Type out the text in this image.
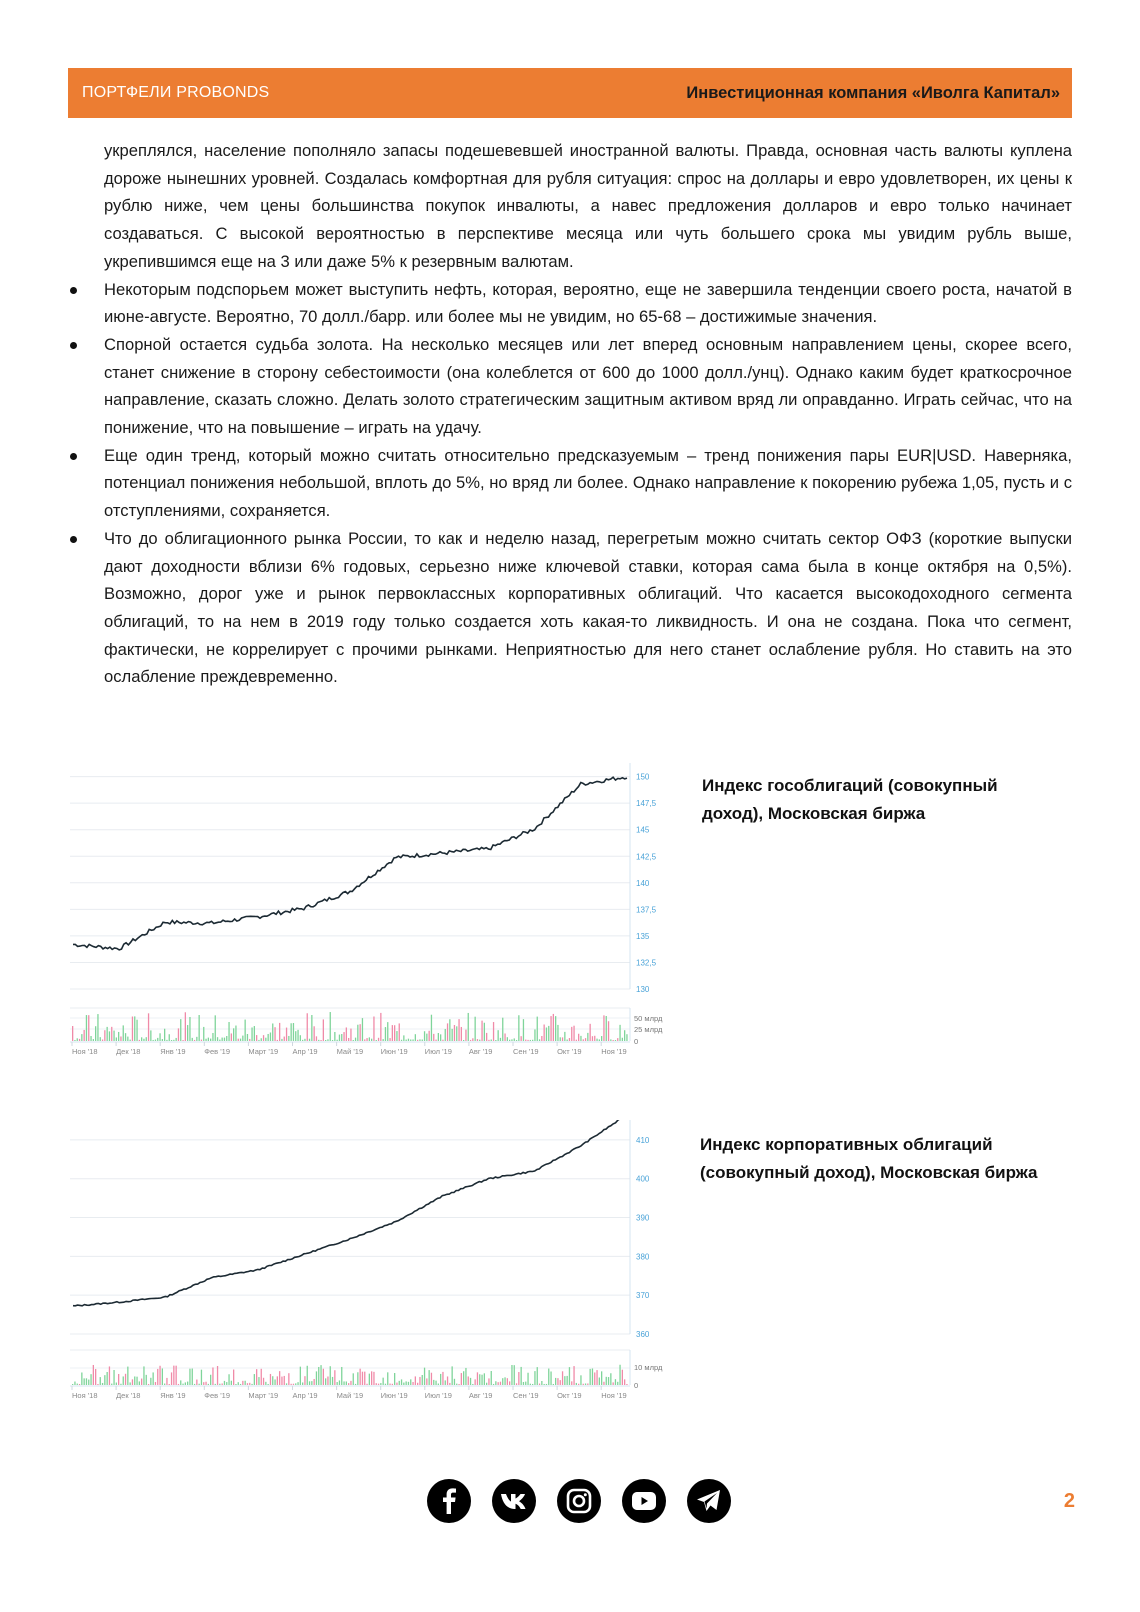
ПОРТФЕЛИ PROBONDS	Инвестиционная компания «Иволга Капитал»

укреплялся, население пополняло запасы подешевевшей иностранной валюты. Правда, основная часть валюты куплена дороже нынешних уровней. Создалась комфортная для рубля ситуация: спрос на доллары и евро удовлетворен, их цены к рублю ниже, чем цены большинства покупок инвалюты, а навес предложения долларов и евро только начинает создаваться. С высокой вероятностью в перспективе месяца или чуть большего срока мы увидим рубль выше, укрепившимся еще на 3 или даже 5% к резервным валютам.

Некоторым подспорьем может выступить нефть, которая, вероятно, еще не завершила тенденции своего роста, начатой в июне-августе. Вероятно, 70 долл./барр. или более мы не увидим, но 65-68 – достижимые значения.
Спорной остается судьба золота. На несколько месяцев или лет вперед основным направлением цены, скорее всего, станет снижение в сторону себестоимости (она колеблется от 600 до 1000 долл./унц). Однако каким будет краткосрочное направление, сказать сложно. Делать золото стратегическим защитным активом вряд ли оправданно. Играть сейчас, что на понижение, что на повышение – играть на удачу.
Еще один тренд, который можно считать относительно предсказуемым – тренд понижения пары EUR|USD. Наверняка, потенциал понижения небольшой, вплоть до 5%, но вряд ли более. Однако направление к покорению рубежа 1,05, пусть и с отступлениями, сохраняется.
Что до облигационного рынка России, то как и неделю назад, перегретым можно считать сектор ОФЗ (короткие выпуски дают доходности вблизи 6% годовых, серьезно ниже ключевой ставки, которая сама была в конце октября на 0,5%). Возможно, дорог уже и рынок первоклассных корпоративных облигаций. Что касается высокодоходного сегмента облигаций, то на нем в 2019 году только создается хоть какая-то ликвидность. И она не создана. Пока что сегмент, фактически, не коррелирует с прочими рынками. Неприятностью для него станет ослабление рубля. Но ставить на это ослабление преждевременно.
130
132,5
135
137,5
140
142,5
145
147,5
150
0
25 млрд
50 млрд
Ноя '18 Дек '18	Янв '19 Фев '19 Март '19 Апр '19	Май '19 Июн '19 Июл '19 Авг '19	Сен '19 Окт '19	Ноя '19
Индекс гособлигаций (совокупный доход), Московская биржа
360
370
380
390
400
410
0
10 млрд
Ноя '18 Дек '18	Янв '19 Фев '19 Март '19 Апр '19	Май '19 Июн '19 Июл '19 Авг '19	Сен '19 Окт '19	Ноя '19
Индекс корпоративных облигаций (совокупный доход), Московская биржа
2
